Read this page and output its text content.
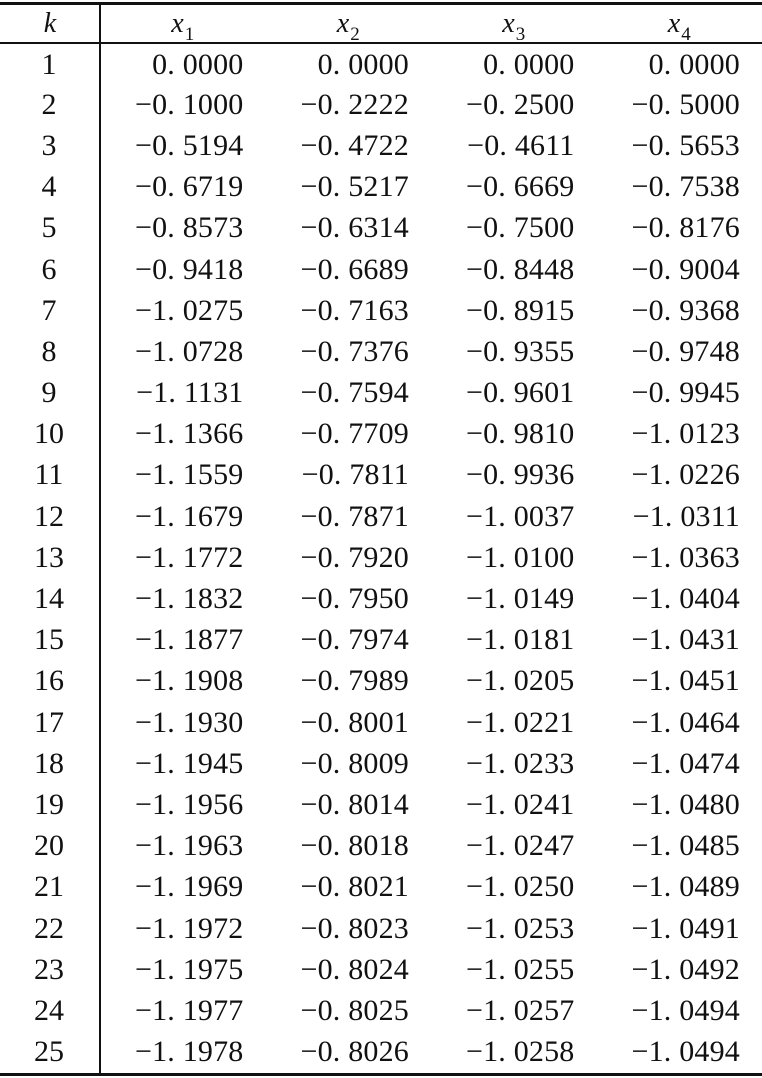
k	$x_1$	$x_2$	$x_3$	$x_4$
1	0. 0000	0. 0000	0. 0000	0. 0000
2	−0. 1000	−0. 2222	−0. 2500	−0. 5000
3	−0. 5194	−0. 4722	−0. 4611	−0. 5653
4	−0. 6719	−0. 5217	−0. 6669	−0. 7538
5	−0. 8573	−0. 6314	−0. 7500	−0. 8176
6	−0. 9418	−0. 6689	−0. 8448	−0. 9004
7	−1. 0275	−0. 7163	−0. 8915	−0. 9368
8	−1. 0728	−0. 7376	−0. 9355	−0. 9748
9	−1. 1131	−0. 7594	−0. 9601	−0. 9945
10	−1. 1366	−0. 7709	−0. 9810	−1. 0123
11	−1. 1559	−0. 7811	−0. 9936	−1. 0226
12	−1. 1679	−0. 7871	−1. 0037	−1. 0311
13	−1. 1772	−0. 7920	−1. 0100	−1. 0363
14	−1. 1832	−0. 7950	−1. 0149	−1. 0404
15	−1. 1877	−0. 7974	−1. 0181	−1. 0431
16	−1. 1908	−0. 7989	−1. 0205	−1. 0451
17	−1. 1930	−0. 8001	−1. 0221	−1. 0464
18	−1. 1945	−0. 8009	−1. 0233	−1. 0474
19	−1. 1956	−0. 8014	−1. 0241	−1. 0480
20	−1. 1963	−0. 8018	−1. 0247	−1. 0485
21	−1. 1969	−0. 8021	−1. 0250	−1. 0489
22	−1. 1972	−0. 8023	−1. 0253	−1. 0491
23	−1. 1975	−0. 8024	−1. 0255	−1. 0492
24	−1. 1977	−0. 8025	−1. 0257	−1. 0494
25	−1. 1978	−0. 8026	−1. 0258	−1. 0494
